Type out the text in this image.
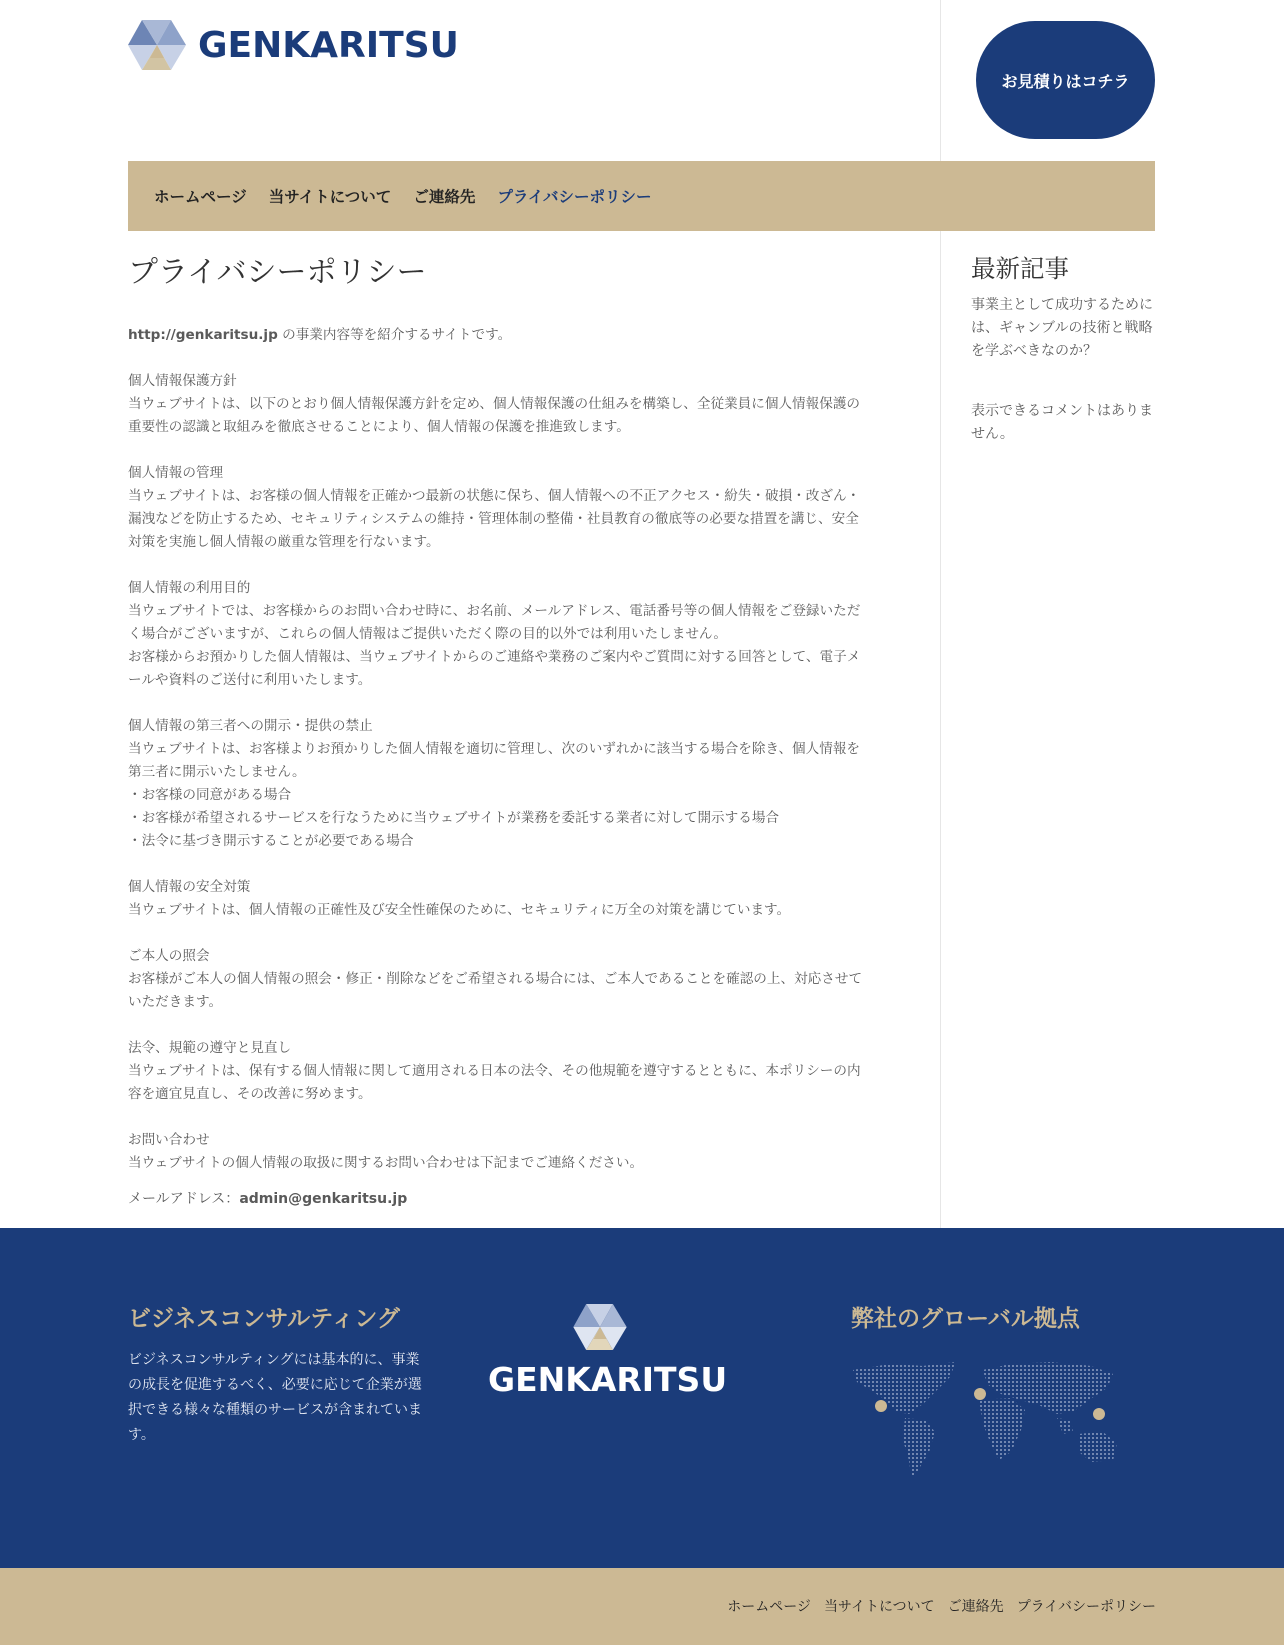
GENKARITSU
お見積りはコチラ
ホームページ 当サイトについて ご連絡先 プライバシーポリシー
プライバシーポリシー

http://genkaritsu.jp の事業内容等を紹介するサイトです。

個人情報保護方針
当ウェブサイトは、以下のとおり個人情報保護方針を定め、個人情報保護の仕組みを構築し、全従業員に個人情報保護の
重要性の認識と取組みを徹底させることにより、個人情報の保護を推進致します。
個人情報の管理
当ウェブサイトは、お客様の個人情報を正確かつ最新の状態に保ち、個人情報への不正アクセス・紛失・破損・改ざん・
漏洩などを防止するため、セキュリティシステムの維持・管理体制の整備・社員教育の徹底等の必要な措置を講じ、安全
対策を実施し個人情報の厳重な管理を行ないます。
個人情報の利用目的
当ウェブサイトでは、お客様からのお問い合わせ時に、お名前、メールアドレス、電話番号等の個人情報をご登録いただ
く場合がございますが、これらの個人情報はご提供いただく際の目的以外では利用いたしません。
お客様からお預かりした個人情報は、当ウェブサイトからのご連絡や業務のご案内やご質問に対する回答として、電子メ
ールや資料のご送付に利用いたします。
個人情報の第三者への開示・提供の禁止
当ウェブサイトは、お客様よりお預かりした個人情報を適切に管理し、次のいずれかに該当する場合を除き、個人情報を
第三者に開示いたしません。
・お客様の同意がある場合
・お客様が希望されるサービスを行なうために当ウェブサイトが業務を委託する業者に対して開示する場合
・法令に基づき開示することが必要である場合
個人情報の安全対策
当ウェブサイトは、個人情報の正確性及び安全性確保のために、セキュリティに万全の対策を講じています。
ご本人の照会
お客様がご本人の個人情報の照会・修正・削除などをご希望される場合には、ご本人であることを確認の上、対応させて
いただきます。
法令、規範の遵守と見直し
当ウェブサイトは、保有する個人情報に関して適用される日本の法令、その他規範を遵守するとともに、本ポリシーの内
容を適宜見直し、その改善に努めます。
お問い合わせ
当ウェブサイトの個人情報の取扱に関するお問い合わせは下記までご連絡ください。
メールアドレス：admin@genkaritsu.jp
最新記事
事業主として成功するためには、ギャンブルの技術と戦略を学ぶべきなのか？
表示できるコメントはありません。
ビジネスコンサルティング
ビジネスコンサルティングには基本的に、事業の成長を促進するべく、必要に応じて企業が選択できる様々な種類のサービスが含まれています。
GENKARITSU
弊社のグローバル拠点
ホームページ 当サイトについて ご連絡先 プライバシーポリシー
